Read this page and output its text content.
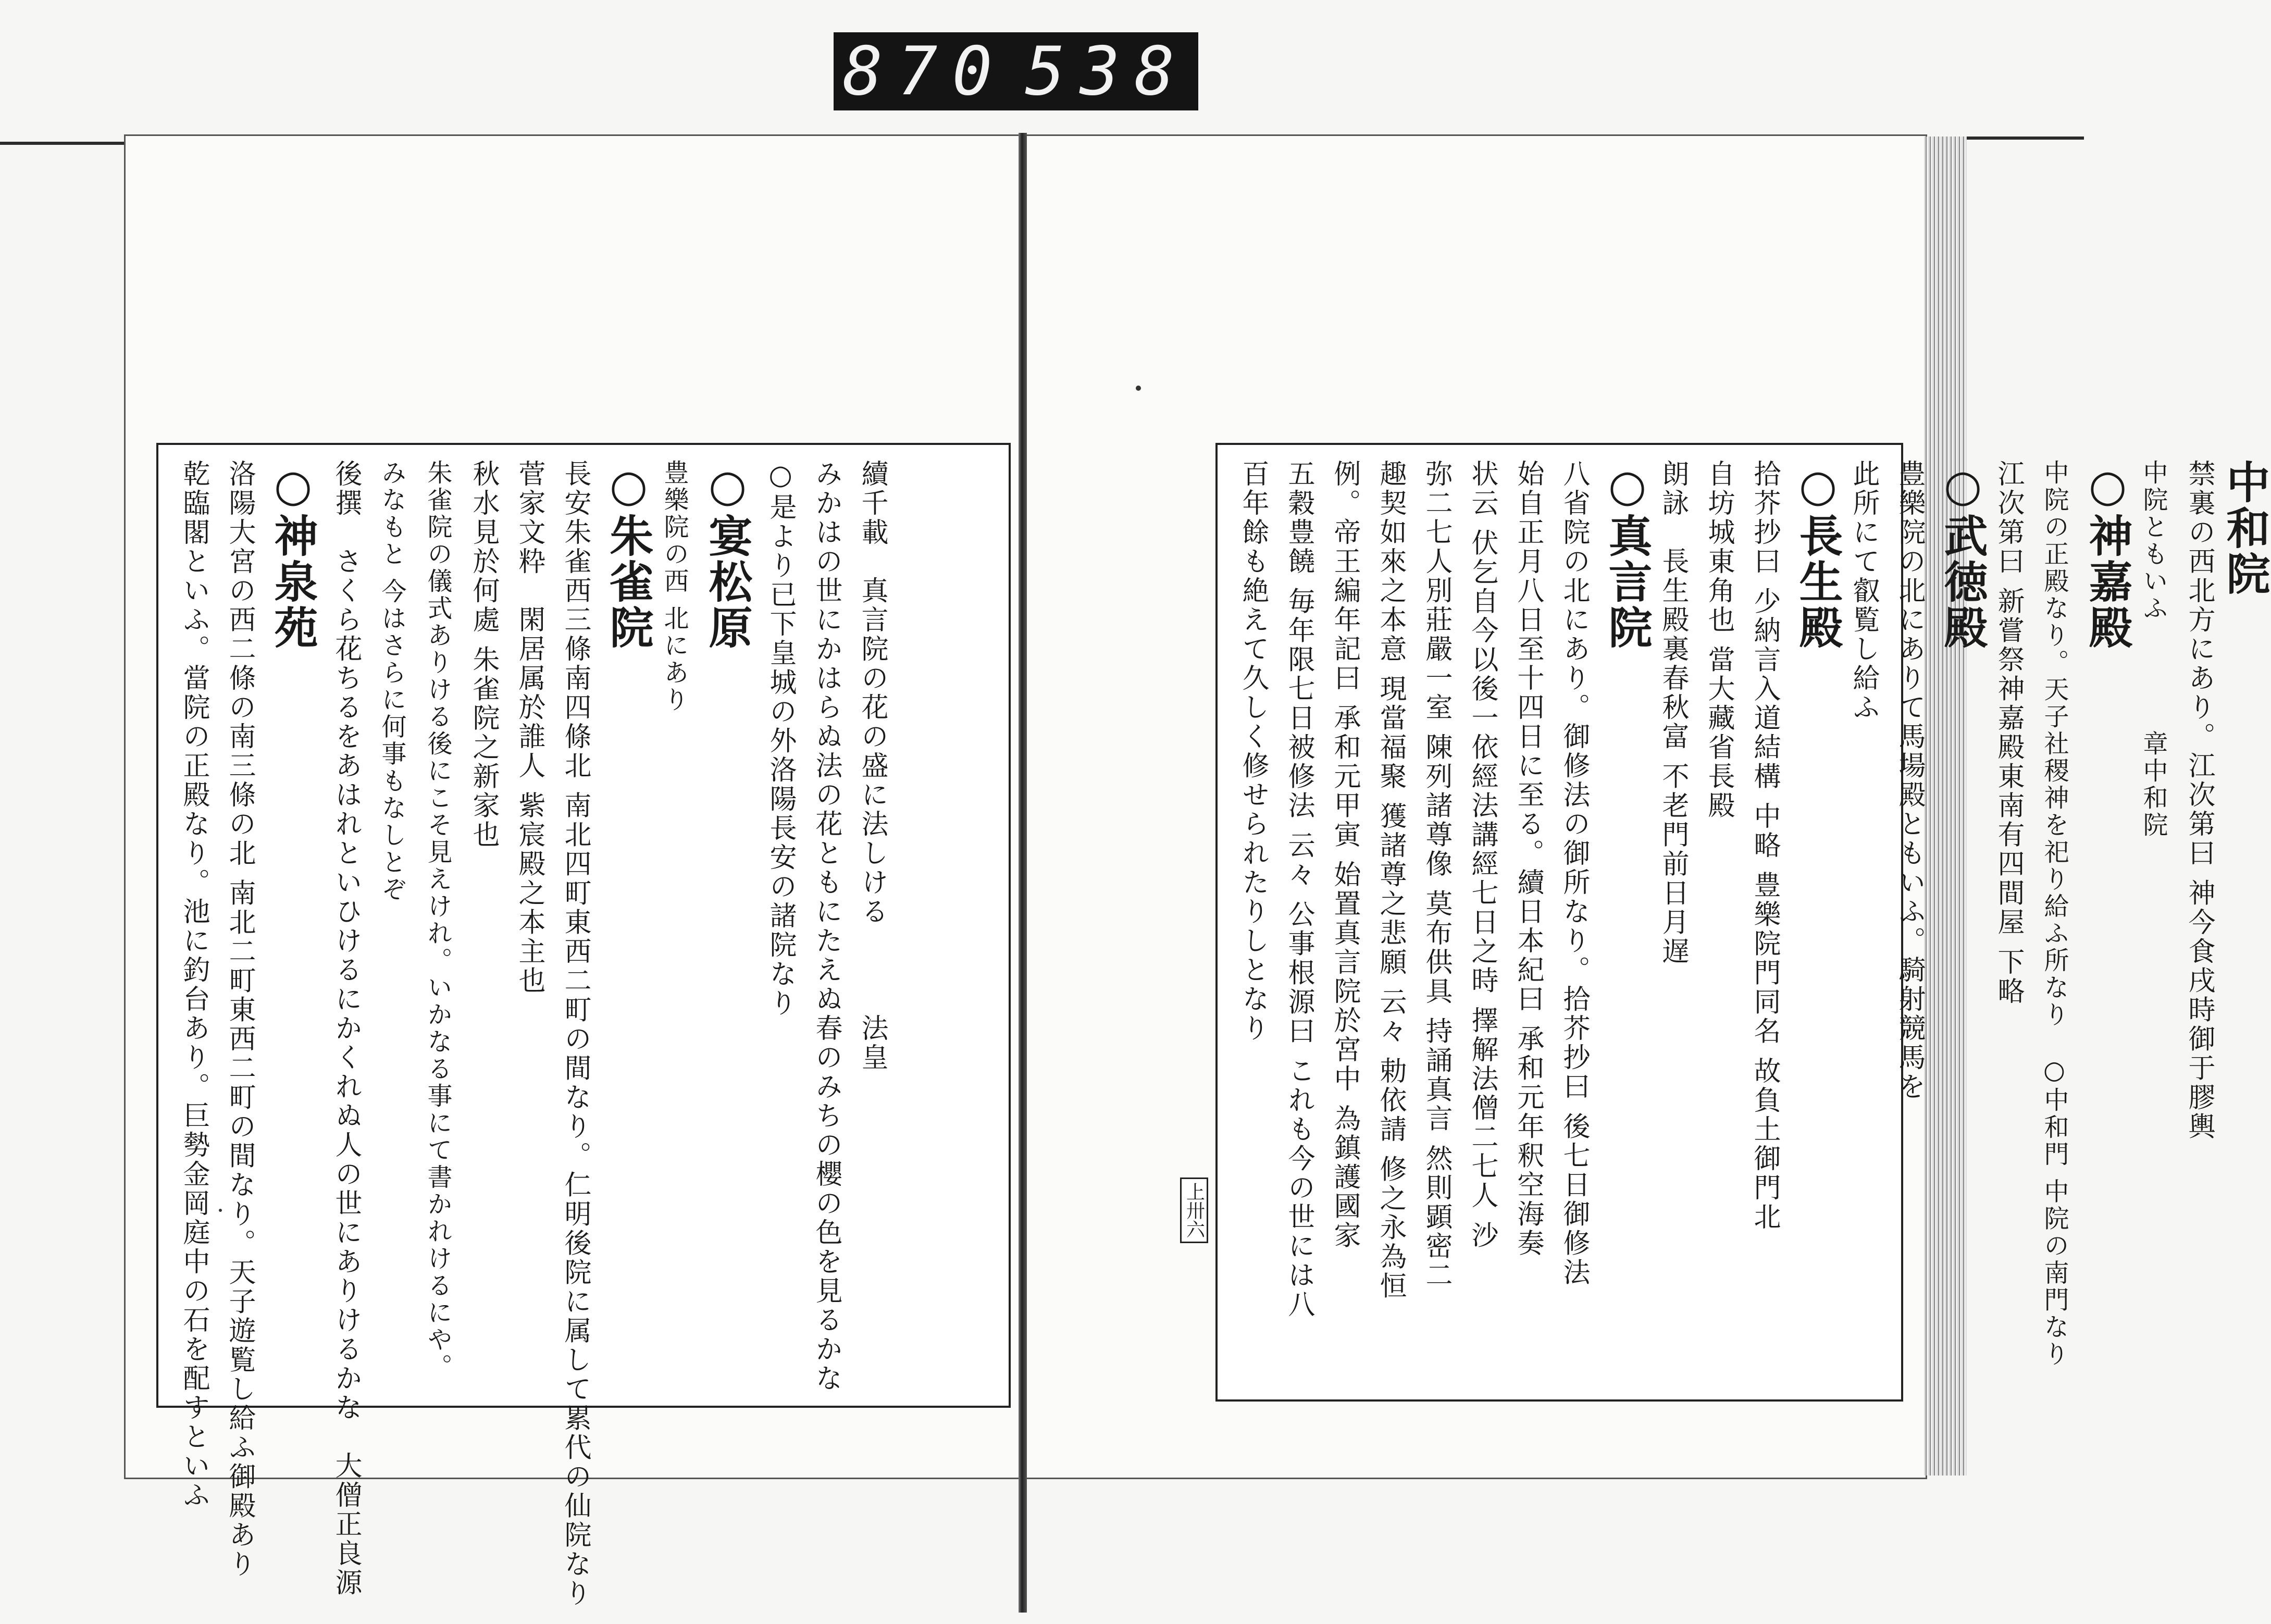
870 538
續千載　真言院の花の盛に法しける　　　法皇
みかはの世にかはらぬ法の花ともにたえぬ春のみちの櫻の色を見るかな
○是より已下皇城の外洛陽長安の諸院なり
○宴松原
豊樂院の西 北にあり
○朱雀院
長安朱雀西三條南四條北 南北四町東西二町の間なり。仁明後院に属して累代の仙院なり
菅家文粋　閑居属於誰人 紫宸殿之本主也
秋水見於何處 朱雀院之新家也
朱雀院の儀式ありける後にこそ見えけれ。いかなる事にて書かれけるにや。
みなもと 今はさらに何事もなしとぞ
後撰　さくら花ちるをあはれといひけるにかくれぬ人の世にありけるかな　大僧正良源
○神泉苑
洛陽大宮の西二條の南三條の北 南北二町東西二町の間なり。天子遊覧し給ふ御殿あり
乾臨閣といふ。當院の正殿なり。池に釣台あり。巨勢金岡庭中の石を配すといふ	中和院
禁裏の西北方にあり。江次第曰 神今食戌時御于膠輿
中院ともいふ　　　　章中和院
○神嘉殿
中院の正殿なり。天子社稷神を祀り給ふ所なり　○中和門 中院の南門なり
江次第曰 新嘗祭神嘉殿東南有四間屋 下略
○武徳殿
豊樂院の北にありて馬場殿ともいふ。騎射競馬を
此所にて叡覧し給ふ
○長生殿
拾芥抄曰 少納言入道結構 中略 豊樂院門同名 故負土御門北
自坊城東角也 當大藏省長殿
朗詠　長生殿裏春秋富 不老門前日月遅
○真言院
八省院の北にあり。御修法の御所なり。拾芥抄曰 後七日御修法
始自正月八日至十四日に至る。續日本紀曰 承和元年釈空海奏
状云 伏乞自今以後一依經法講經七日之時 擇解法僧二七人 沙
弥二七人別莊嚴一室 陳列諸尊像 莫布供具 持誦真言 然則顕密二
趣契如來之本意 現當福聚 獲諸尊之悲願 云々 勅依請 修之永為恒
例。帝王編年記曰 承和元甲寅 始置真言院於宮中 為鎮護國家
五穀豊饒 毎年限七日被修法 云々 公事根源曰 これも今の世には八
百年餘も絶えて久しく修せられたりしとなり
上卅六
